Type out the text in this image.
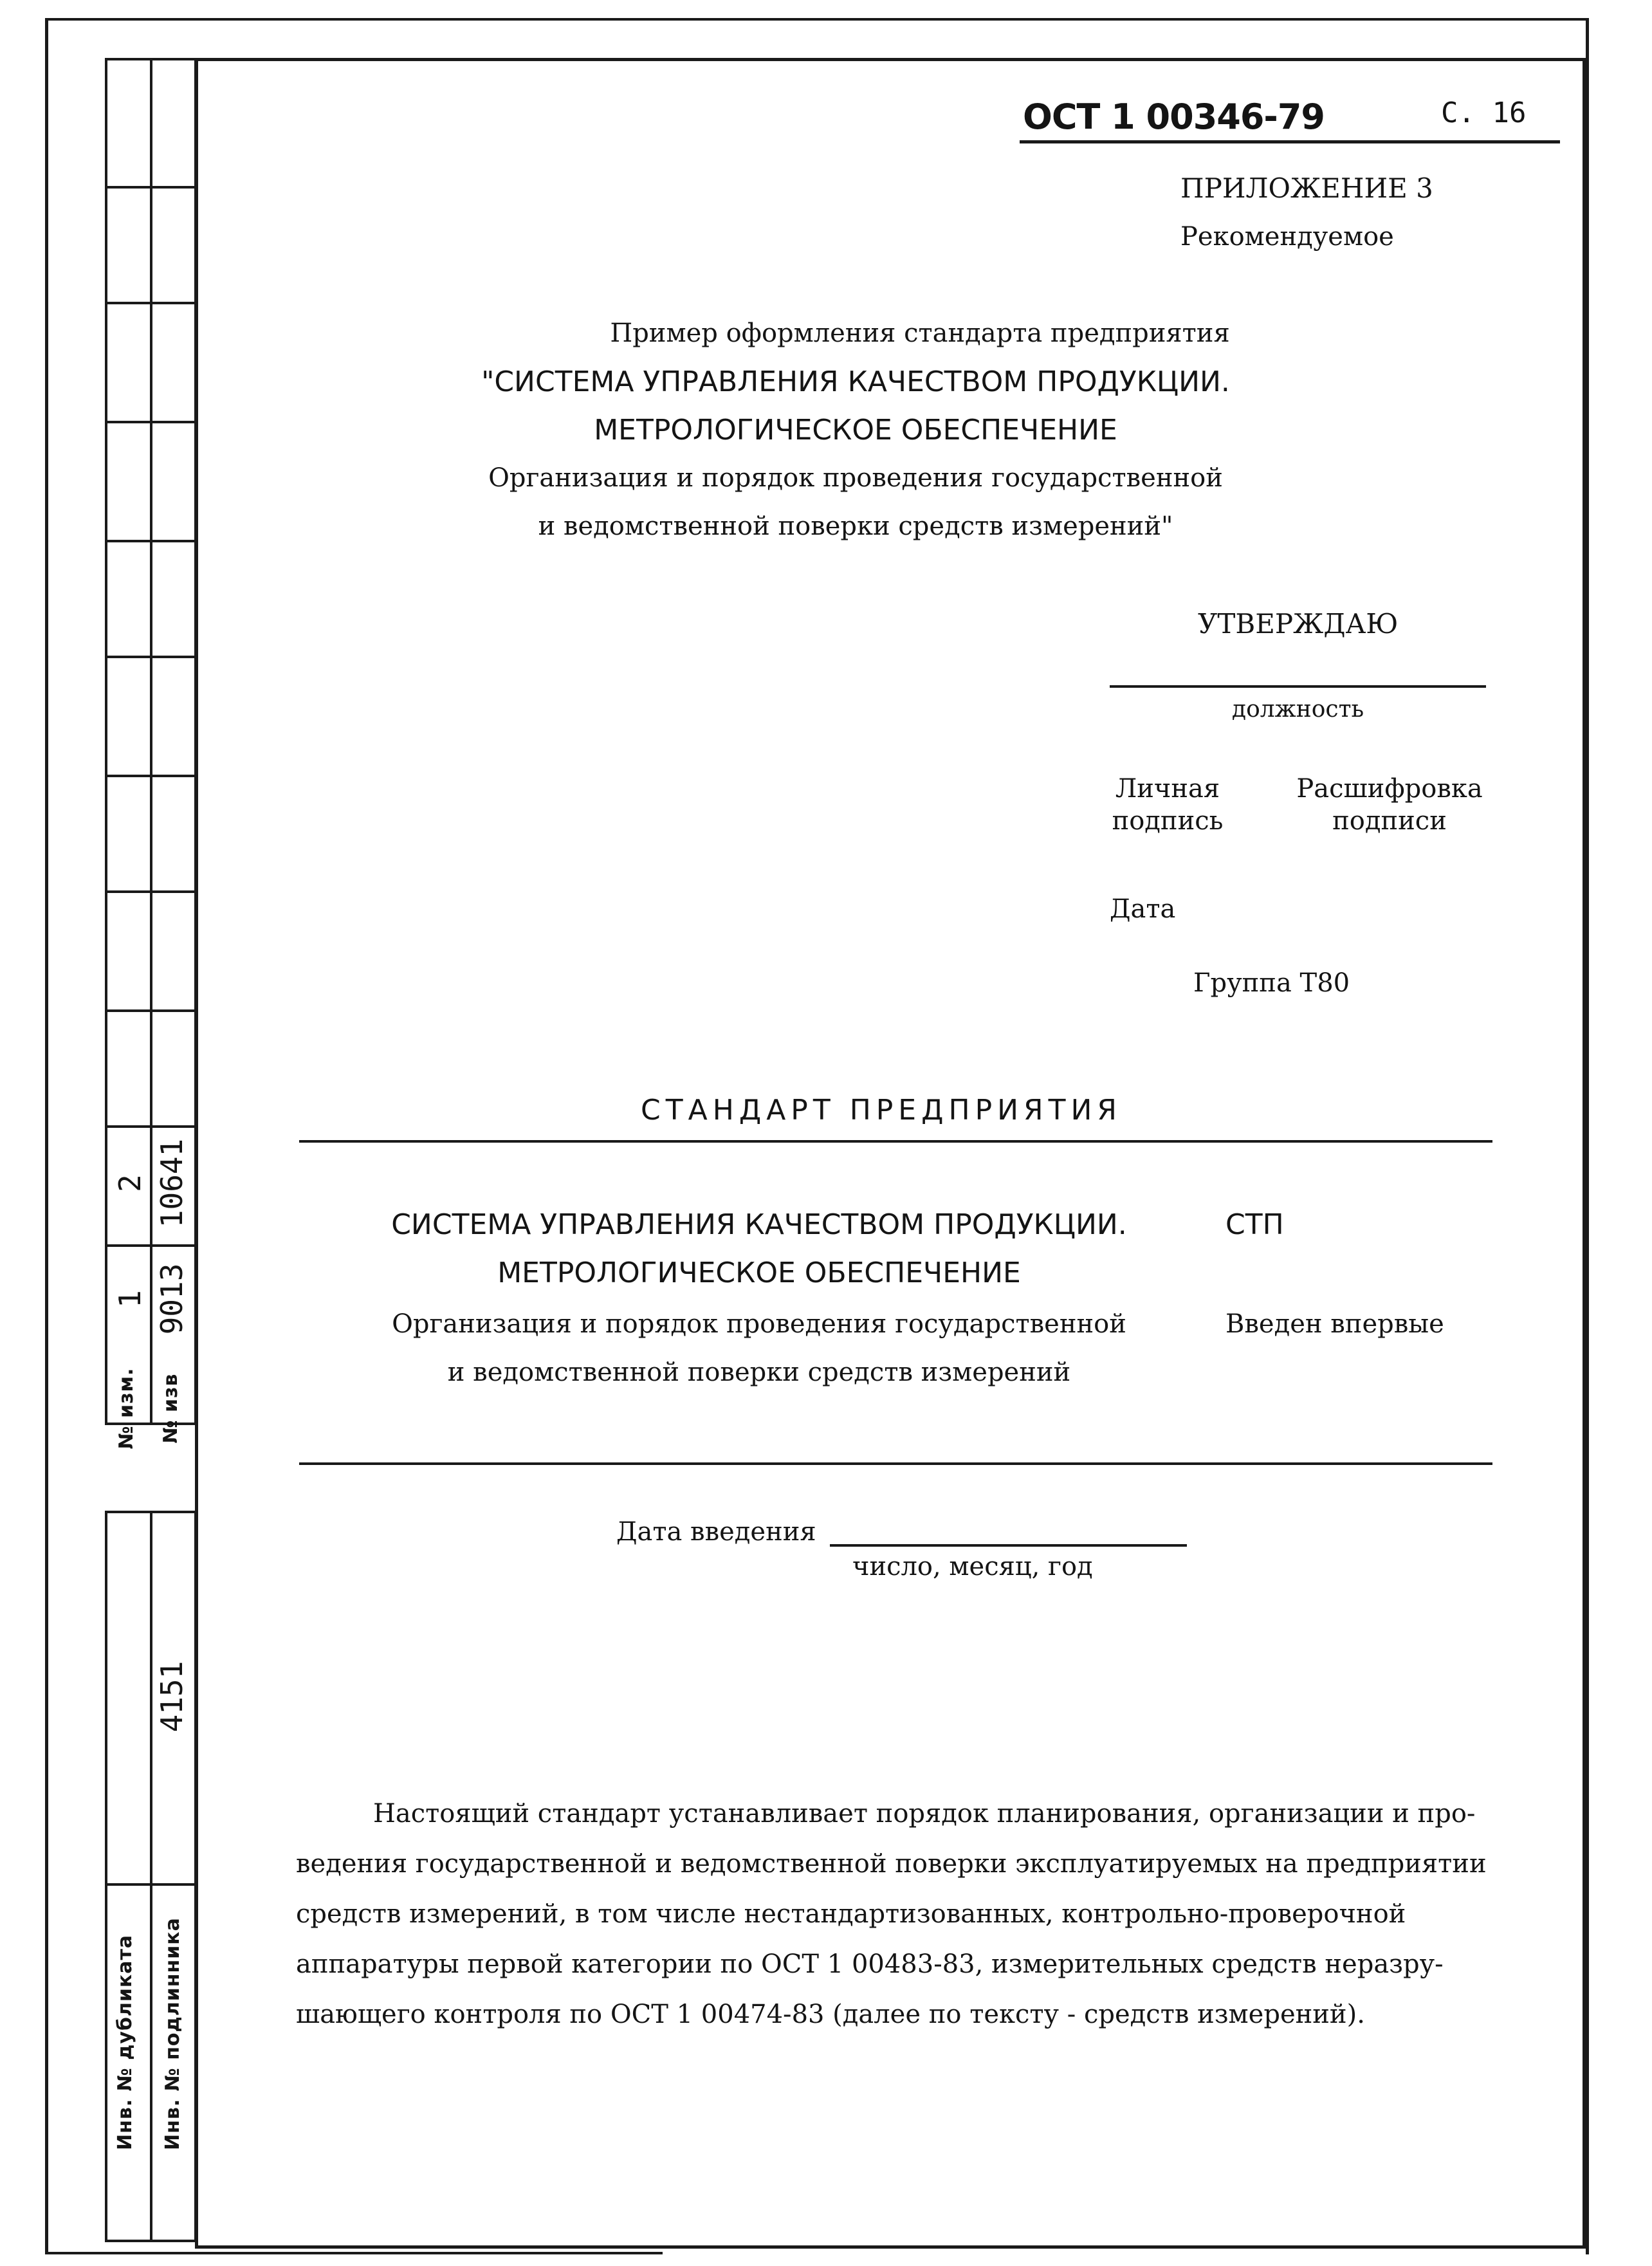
2 10641
1 9013
№ изм. № изв
4151
Инв. № дубликата Инв. № подлинника
ОСТ 1 00346-79	С. 16
ПРИЛОЖЕНИЕ 3
Рекомендуемое
Пример оформления стандарта предприятия
"СИСТЕМА УПРАВЛЕНИЯ КАЧЕСТВОМ ПРОДУКЦИИ.
МЕТРОЛОГИЧЕСКОЕ ОБЕСПЕЧЕНИЕ
Организация и порядок проведения государственной
и ведомственной поверки средств измерений"
УТВЕРЖДАЮ
должность
Личная
подпись
Расшифровка
подписи
Дата
Группа Т80
СТАНДАРТ ПРЕДПРИЯТИЯ
СИСТЕМА УПРАВЛЕНИЯ КАЧЕСТВОМ ПРОДУКЦИИ.
МЕТРОЛОГИЧЕСКОЕ ОБЕСПЕЧЕНИЕ
Организация и порядок проведения государственной
и ведомственной поверки средств измерений
СТП
Введен впервые
Дата введения
число, месяц, год
Настоящий стандарт устанавливает порядок планирования, организации и про-
ведения государственной и ведомственной поверки эксплуатируемых на предприятии
средств измерений, в том числе нестандартизованных, контрольно-проверочной
аппаратуры первой категории по ОСТ 1 00483-83, измерительных средств неразру-
шающего контроля по ОСТ 1 00474-83 (далее по тексту - средств измерений).
